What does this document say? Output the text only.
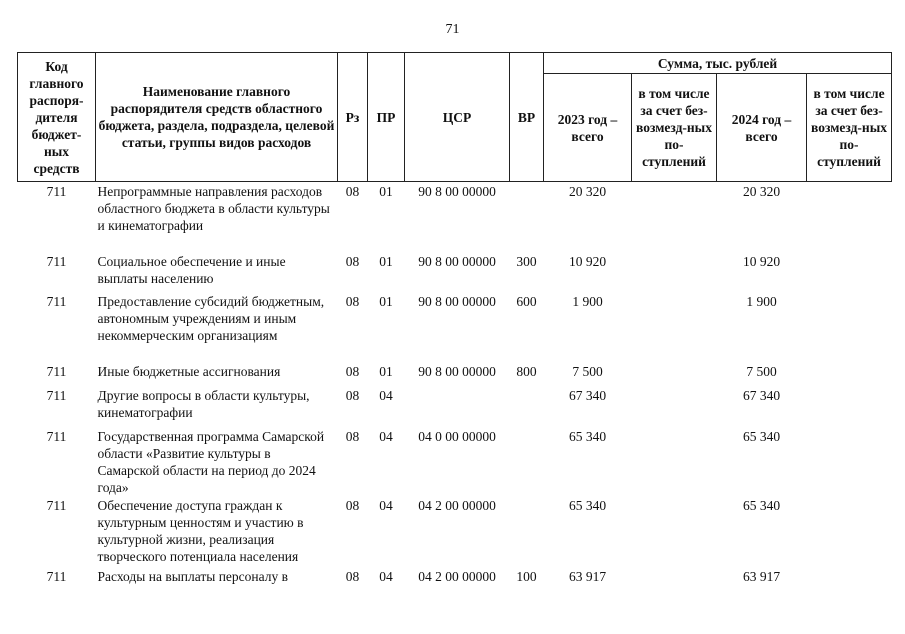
71
Код главного распоря-дителя бюджет-ных средств	Наименование главного распорядителя средств областного бюджета, раздела, подраздела, целевой статьи, группы видов расходов	Рз	ПР	ЦСР	ВР	Сумма, тыс. рублей			
						2023 год – всего	в том числе за счет без-возмезд-ных по-ступлений	2024 год – всего	в том числе за счет без-возмезд-ных по-ступлений
711	Непрограммные направления расходов областного бюджета в области культуры и кинематографии	08	01	90 8 00 00000		20 320		20 320	
711	Социальное обеспечение и иные выплаты населению	08	01	90 8 00 00000	300	10 920		10 920	
711	Предоставление субсидий бюджетным, автономным учреждениям и иным некоммерческим организациям	08	01	90 8 00 00000	600	1 900		1 900	
711	Иные бюджетные ассигнования	08	01	90 8 00 00000	800	7 500		7 500	
711	Другие вопросы в области культуры, кинематографии	08	04			67 340		67 340	
711	Государственная программа Самарской области «Развитие культуры в Самарской области на период до 2024 года»	08	04	04 0 00 00000		65 340		65 340	
711	Обеспечение доступа граждан к культурным ценностям и участию в культурной жизни, реализация творческого потенциала населения	08	04	04 2 00 00000		65 340		65 340	
711	Расходы на выплаты персоналу в	08	04	04 2 00 00000	100	63 917		63 917	
